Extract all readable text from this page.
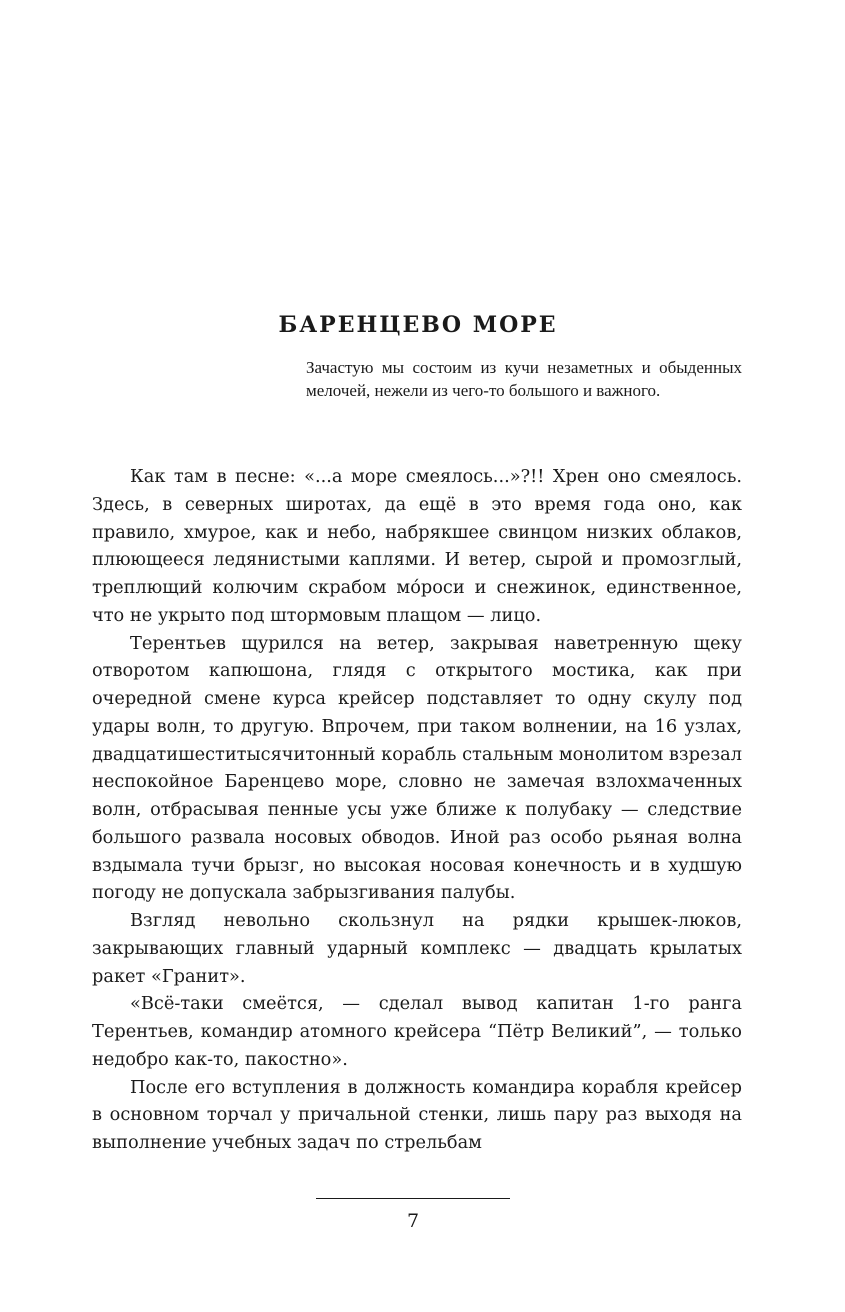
БАРЕНЦЕВО МОРЕ
Зачастую мы состоим из кучи незаметных и обыденных мелочей, нежели из чего-то большого и важного.

Как там в песне: «...а море смеялось...»?!! Хрен оно смеялось. Здесь, в северных широтах, да ещё в это время года оно, как правило, хмурое, как и небо, набрякшее свинцом низких облаков, плюющееся ледянистыми каплями. И ветер, сырой и промозглый, треплющий колючим скрабом мо́роси и снежинок, единственное, что не укрыто под штормовым плащом — лицо.

Терентьев щурился на ветер, закрывая наветренную щеку отворотом капюшона, глядя с открытого мостика, как при очередной смене курса крейсер подставляет то одну скулу под удары волн, то другую. Впрочем, при таком волнении, на 16 узлах, двадцатишеститысячитонный корабль стальным монолитом взрезал неспокойное Баренцево море, словно не замечая взлохмаченных волн, отбрасывая пенные усы уже ближе к полубаку — следствие большого развала носовых обводов. Иной раз особо рьяная волна вздымала тучи брызг, но высокая носовая конечность и в худшую погоду не допускала забрызгивания палубы.

Взгляд невольно скользнул на рядки крышек-люков, закрывающих главный ударный комплекс — двадцать крылатых ракет «Гранит».

«Всё-таки смеётся, — сделал вывод капитан 1-го ранга Терентьев, командир атомного крейсера “Пётр Великий”, — только недобро как-то, пакостно».

После его вступления в должность командира корабля крейсер в основном торчал у причальной стенки, лишь пару раз выходя на выполнение учебных задач по стрельбам

7
